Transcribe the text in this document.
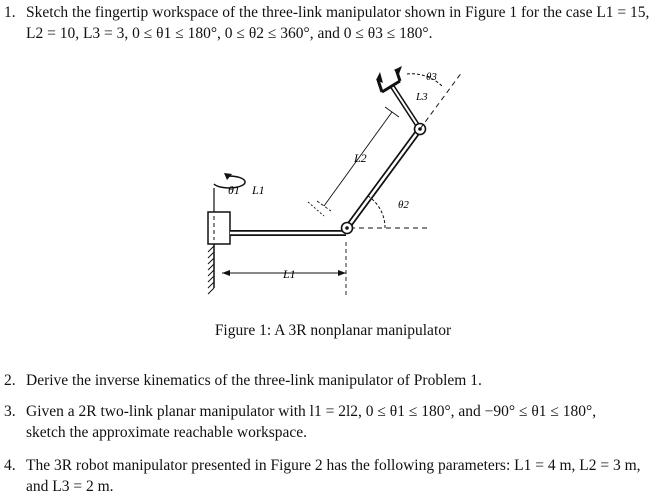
1. Sketch the fingertip workspace of the three-link manipulator shown in Figure 1 for the case L1 = 15,
L2 = 10, L3 = 3, 0 ≤ θ1 ≤ 180°, 0 ≤ θ2 ≤ 360°, and 0 ≤ θ3 ≤ 180°.
θ1 L1
L1
L2
θ2
L3
θ3
Figure 1: A 3R nonplanar manipulator
2. Derive the inverse kinematics of the three-link manipulator of Problem 1.
3. Given a 2R two-link planar manipulator with l1 = 2l2, 0 ≤ θ1 ≤ 180°, and −90° ≤ θ1 ≤ 180°,
sketch the approximate reachable workspace.
4. The 3R robot manipulator presented in Figure 2 has the following parameters: L1 = 4 m, L2 = 3 m,
and L3 = 2 m.
